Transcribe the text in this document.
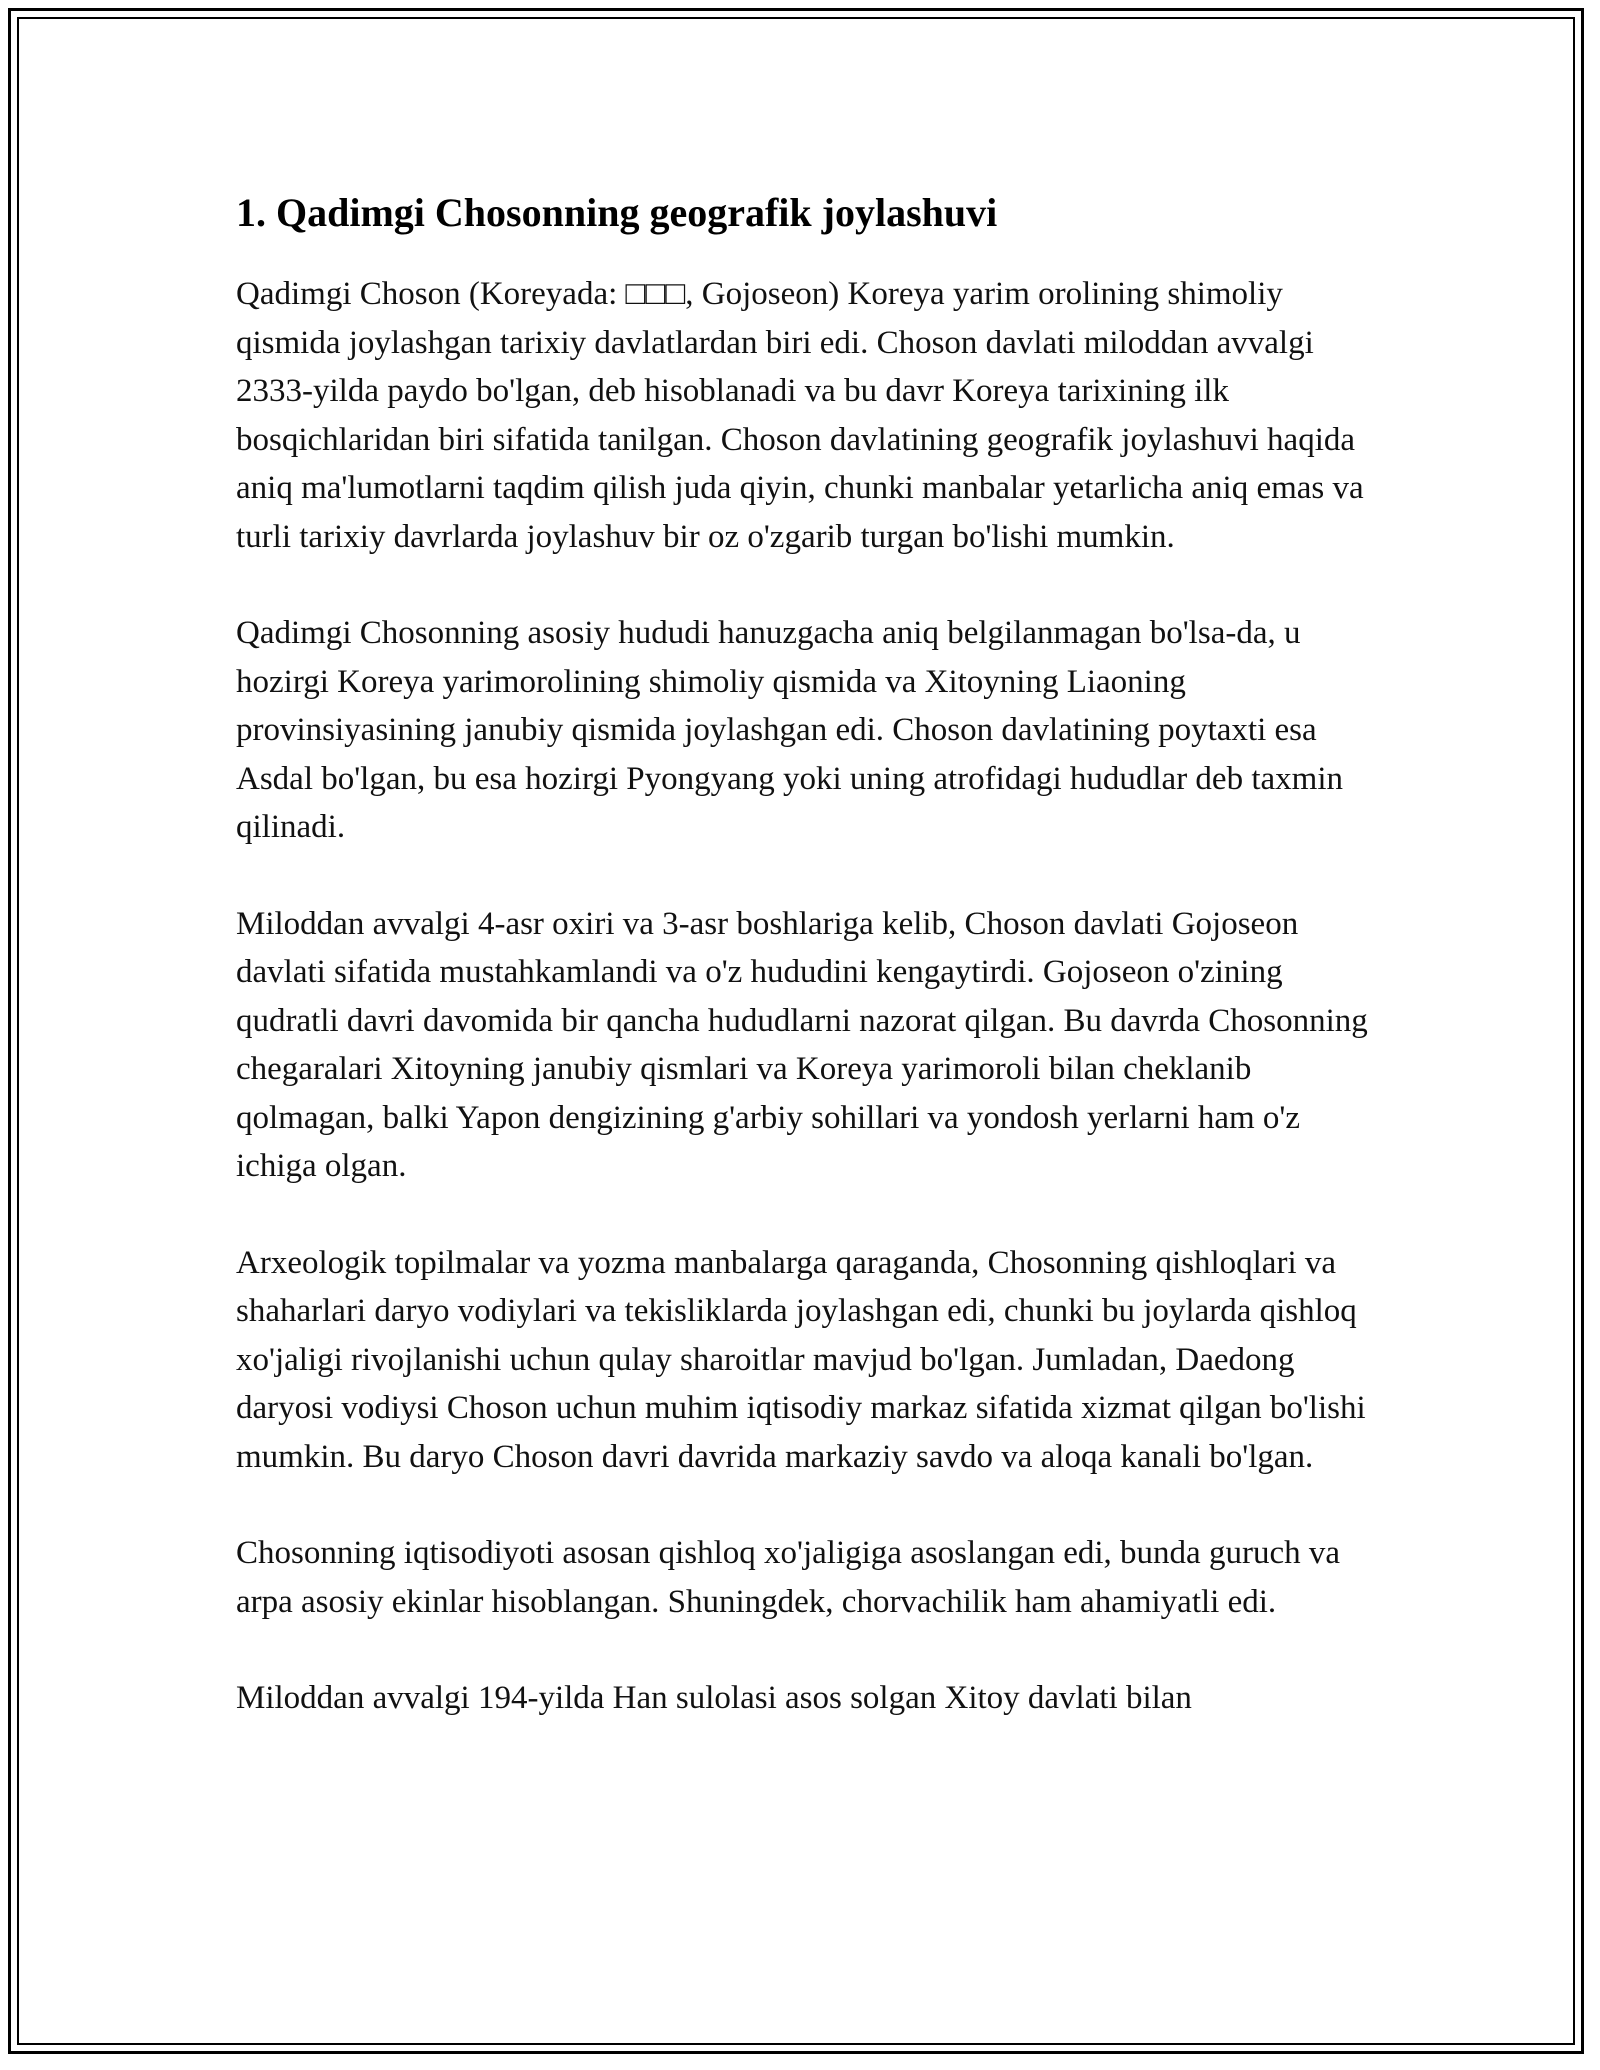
1. Qadimgi Chosonning geografik joylashuvi

Qadimgi Choson (Koreyada: □□□, Gojoseon) Koreya yarim orolining shimoliy qismida joylashgan tarixiy davlatlardan biri edi. Choson davlati miloddan avvalgi 2333-yilda paydo bo'lgan, deb hisoblanadi va bu davr Koreya tarixining ilk bosqichlaridan biri sifatida tanilgan. Choson davlatining geografik joylashuvi haqida aniq ma'lumotlarni taqdim qilish juda qiyin, chunki manbalar yetarlicha aniq emas va turli tarixiy davrlarda joylashuv bir oz o'zgarib turgan bo'lishi mumkin.

Qadimgi Chosonning asosiy hududi hanuzgacha aniq belgilanmagan bo'lsa-da, u hozirgi Koreya yarimorolining shimoliy qismida va Xitoyning Liaoning provinsiyasining janubiy qismida joylashgan edi. Choson davlatining poytaxti esa Asdal bo'lgan, bu esa hozirgi Pyongyang yoki uning atrofidagi hududlar deb taxmin qilinadi.

Miloddan avvalgi 4-asr oxiri va 3-asr boshlariga kelib, Choson davlati Gojoseon davlati sifatida mustahkamlandi va o'z hududini kengaytirdi. Gojoseon o'zining qudratli davri davomida bir qancha hududlarni nazorat qilgan. Bu davrda Chosonning chegaralari Xitoyning janubiy qismlari va Koreya yarimoroli bilan cheklanib qolmagan, balki Yapon dengizining g'arbiy sohillari va yondosh yerlarni ham o'z ichiga olgan.

Arxeologik topilmalar va yozma manbalarga qaraganda, Chosonning qishloqlari va shaharlari daryo vodiylari va tekisliklarda joylashgan edi, chunki bu joylarda qishloq xo'jaligi rivojlanishi uchun qulay sharoitlar mavjud bo'lgan. Jumladan, Daedong daryosi vodiysi Choson uchun muhim iqtisodiy markaz sifatida xizmat qilgan bo'lishi mumkin. Bu daryo Choson davri davrida markaziy savdo va aloqa kanali bo'lgan.

Chosonning iqtisodiyoti asosan qishloq xo'jaligiga asoslangan edi, bunda guruch va arpa asosiy ekinlar hisoblangan. Shuningdek, chorvachilik ham ahamiyatli edi.

Miloddan avvalgi 194-yilda Han sulolasi asos solgan Xitoy davlati bilan
